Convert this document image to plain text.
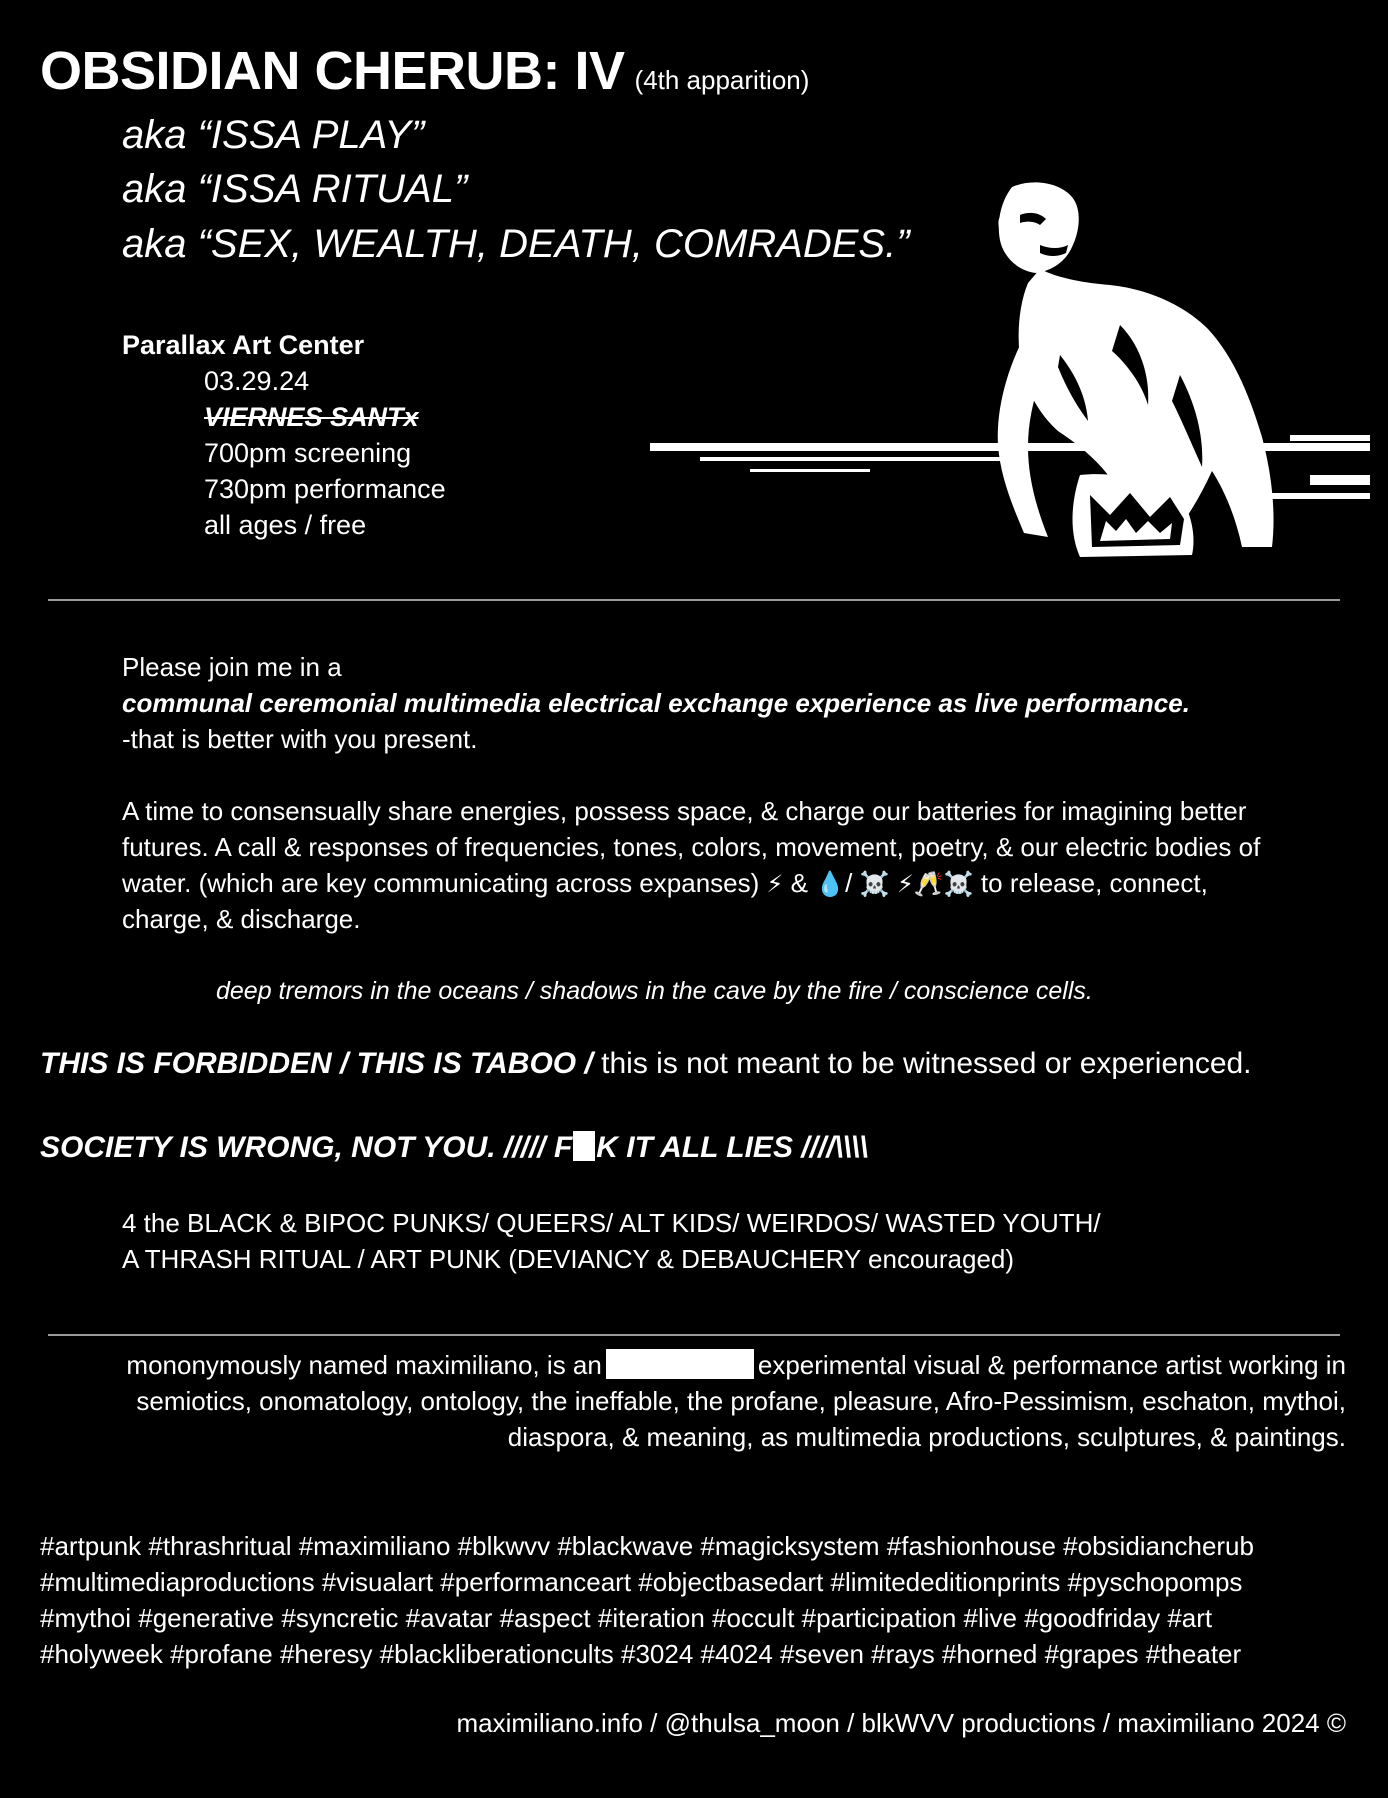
OBSIDIAN CHERUB: IV (4th apparition)
aka “ISSA PLAY”
aka “ISSA RITUAL”
aka “SEX, WEALTH, DEATH, COMRADES.”
Parallax Art Center
03.29.24
VIERNES SANTx
700pm screening
730pm performance
all ages / free
Please join me in a
communal ceremonial multimedia electrical exchange experience as live performance.
-that is better with you present.
A time to consensually share energies, possess space, & charge our batteries for imagining better
futures. A call & responses of frequencies, tones, colors, movement, poetry, & our electric bodies of
water. (which are key communicating across expanses) ⚡ & 💧/ ☠️ ⚡🥂☠️ to release, connect,
charge, & discharge.
deep tremors in the oceans / shadows in the cave by the fire / conscience cells.
THIS IS FORBIDDEN / THIS IS TABOO / this is not meant to be witnessed or experienced.
SOCIETY IS WRONG, NOT YOU. ///// F K IT ALL LIES ////\\\\
4 the BLACK & BIPOC PUNKS/ QUEERS/ ALT KIDS/ WEIRDOS/ WASTED YOUTH/
A THRASH RITUAL / ART PUNK (DEVIANCY & DEBAUCHERY encouraged)
mononymously named maximiliano, is an	experimental visual & performance artist working in
semiotics, onomatology, ontology, the ineffable, the profane, pleasure, Afro-Pessimism, eschaton, mythoi,
diaspora, & meaning, as multimedia productions, sculptures, & paintings.
#artpunk #thrashritual #maximiliano #blkwvv #blackwave #magicksystem #fashionhouse #obsidiancherub
#multimediaproductions #visualart #performanceart #objectbasedart #limitededitionprints #pyschopomps
#mythoi #generative #syncretic #avatar #aspect #iteration #occult #participation #live #goodfriday #art
#holyweek #profane #heresy #blackliberationcults #3024 #4024 #seven #rays #horned #grapes #theater
maximiliano.info / @thulsa_moon / blkWVV productions / maximiliano 2024 ©
